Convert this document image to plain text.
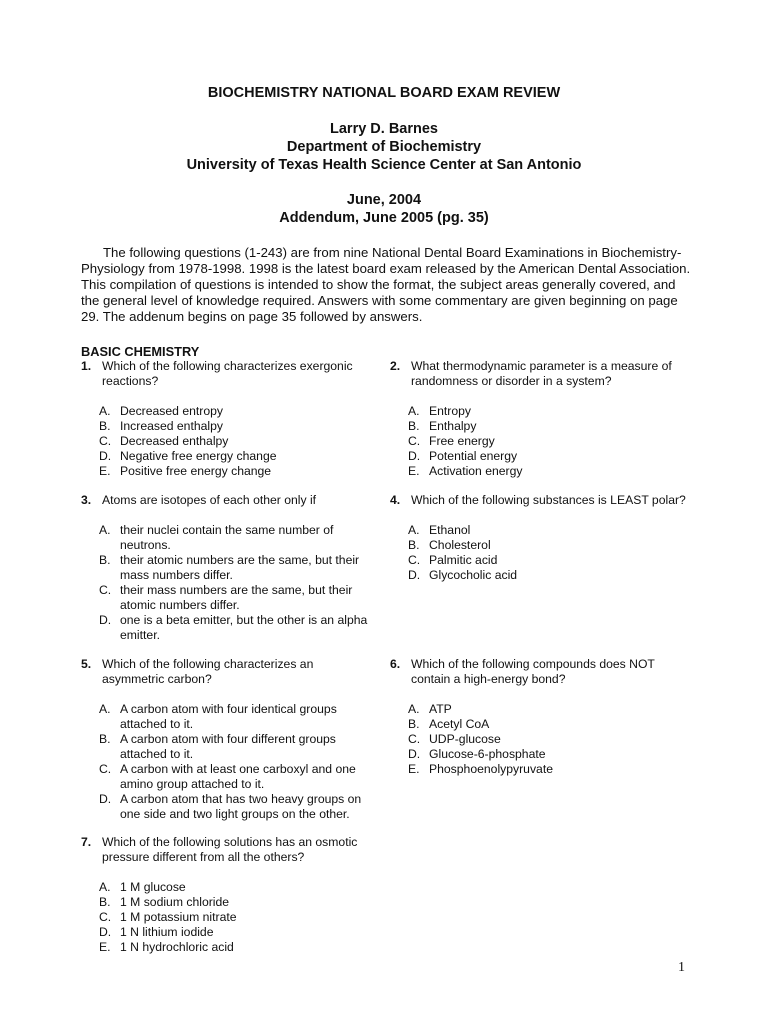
BIOCHEMISTRY NATIONAL BOARD EXAM REVIEW
Larry D. Barnes
Department of Biochemistry
University of Texas Health Science Center at San Antonio
June, 2004
Addendum, June 2005 (pg. 35)
The following questions (1-243) are from nine National Dental Board Examinations in Biochemistry-Physiology from 1978-1998. 1998 is the latest board exam released by the American Dental Association. This compilation of questions is intended to show the format, the subject areas generally covered, and the general level of knowledge required. Answers with some commentary are given beginning on page 29. The addenum begins on page 35 followed by answers.
BASIC CHEMISTRY
1. Which of the following characterizes exergonic reactions?
A. Decreased entropy
B. Increased enthalpy
C. Decreased enthalpy
D. Negative free energy change
E. Positive free energy change
2. What thermodynamic parameter is a measure of randomness or disorder in a system?
A. Entropy
B. Enthalpy
C. Free energy
D. Potential energy
E. Activation energy
3. Atoms are isotopes of each other only if
A. their nuclei contain the same number of neutrons.
B. their atomic numbers are the same, but their mass numbers differ.
C. their mass numbers are the same, but their atomic numbers differ.
D. one is a beta emitter, but the other is an alpha emitter.
4. Which of the following substances is LEAST polar?
A. Ethanol
B. Cholesterol
C. Palmitic acid
D. Glycocholic acid
5. Which of the following characterizes an asymmetric carbon?
A. A carbon atom with four identical groups attached to it.
B. A carbon atom with four different groups attached to it.
C. A carbon with at least one carboxyl and one amino group attached to it.
D. A carbon atom that has two heavy groups on one side and two light groups on the other.
6. Which of the following compounds does NOT contain a high-energy bond?
A. ATP
B. Acetyl CoA
C. UDP-glucose
D. Glucose-6-phosphate
E. Phosphoenolypyruvate
7. Which of the following solutions has an osmotic pressure different from all the others?
A. 1 M glucose
B. 1 M sodium chloride
C. 1 M potassium nitrate
D. 1 N lithium iodide
E. 1 N hydrochloric acid
1
